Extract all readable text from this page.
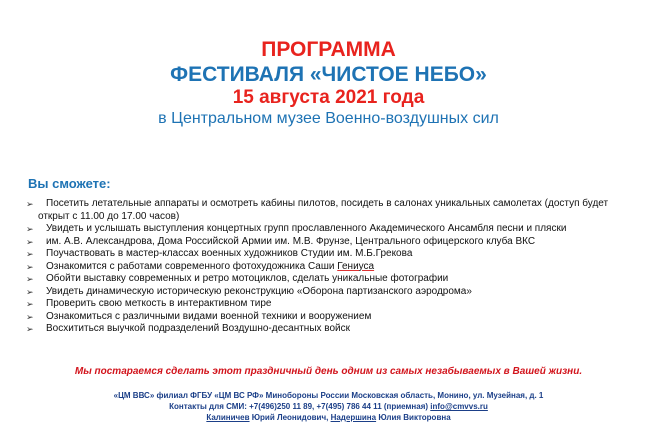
ПРОГРАММА
ФЕСТИВАЛЯ «ЧИСТОЕ НЕБО»
15 августа 2021 года
в Центральном музее Военно-воздушных сил
Вы сможете:
➢ Посетить летательные аппараты и осмотреть кабины пилотов, посидеть в салонах уникальных самолетах (доступ будет
открыт с 11.00 до 17.00 часов)
➢ Увидеть и услышать выступления концертных групп прославленного Академического Ансамбля песни и пляски
➢ им. А.В. Александрова, Дома Российской Армии им. М.В. Фрунзе, Центрального офицерского клуба ВКС
➢ Поучаствовать в мастер-классах военных художников Студии им. М.Б.Грекова
➢ Ознакомится с работами современного фотохудожника Саши Гениуса
➢ Обойти выставку современных и ретро мотоциклов, сделать уникальные фотографии
➢ Увидеть динамическую историческую реконструкцию «Оборона партизанского аэродрома»
➢ Проверить свою меткость в интерактивном тире
➢ Ознакомиться с различными видами военной техники и вооружением
➢ Восхититься выучкой подразделений Воздушно-десантных войск
Мы постараемся сделать этот праздничный день одним из самых незабываемых в Вашей жизни.
«ЦМ ВВС» филиал ФГБУ «ЦМ ВС РФ» Минобороны России Московская область, Монино, ул. Музейная, д. 1
Контакты для СМИ: +7(496)250 11 89, +7(495) 786 44 11 (приемная) info@cmvvs.ru
Калиничев Юрий Леонидович, Надершина Юлия Викторовна
